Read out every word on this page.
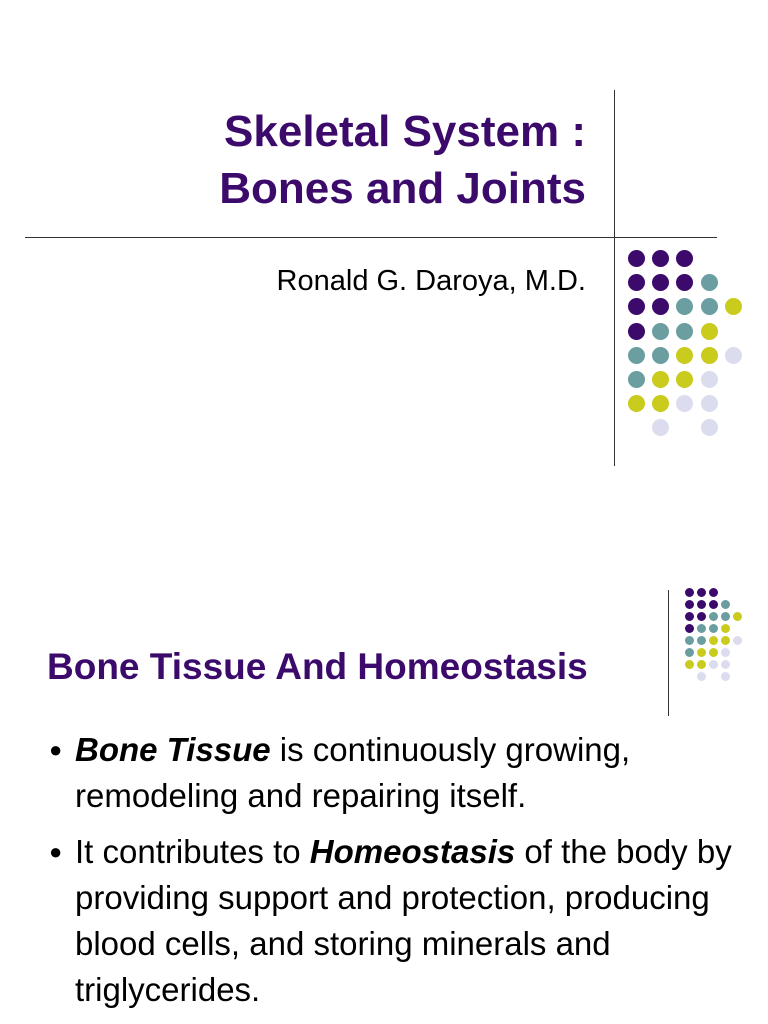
Skeletal System :
Bones and Joints
Ronald G. Daroya, M.D.
Bone Tissue And Homeostasis
● Bone Tissue is continuously growing, remodeling and repairing itself.
● It contributes to Homeostasis of the body by providing support and protection, producing blood cells, and storing minerals and triglycerides.
